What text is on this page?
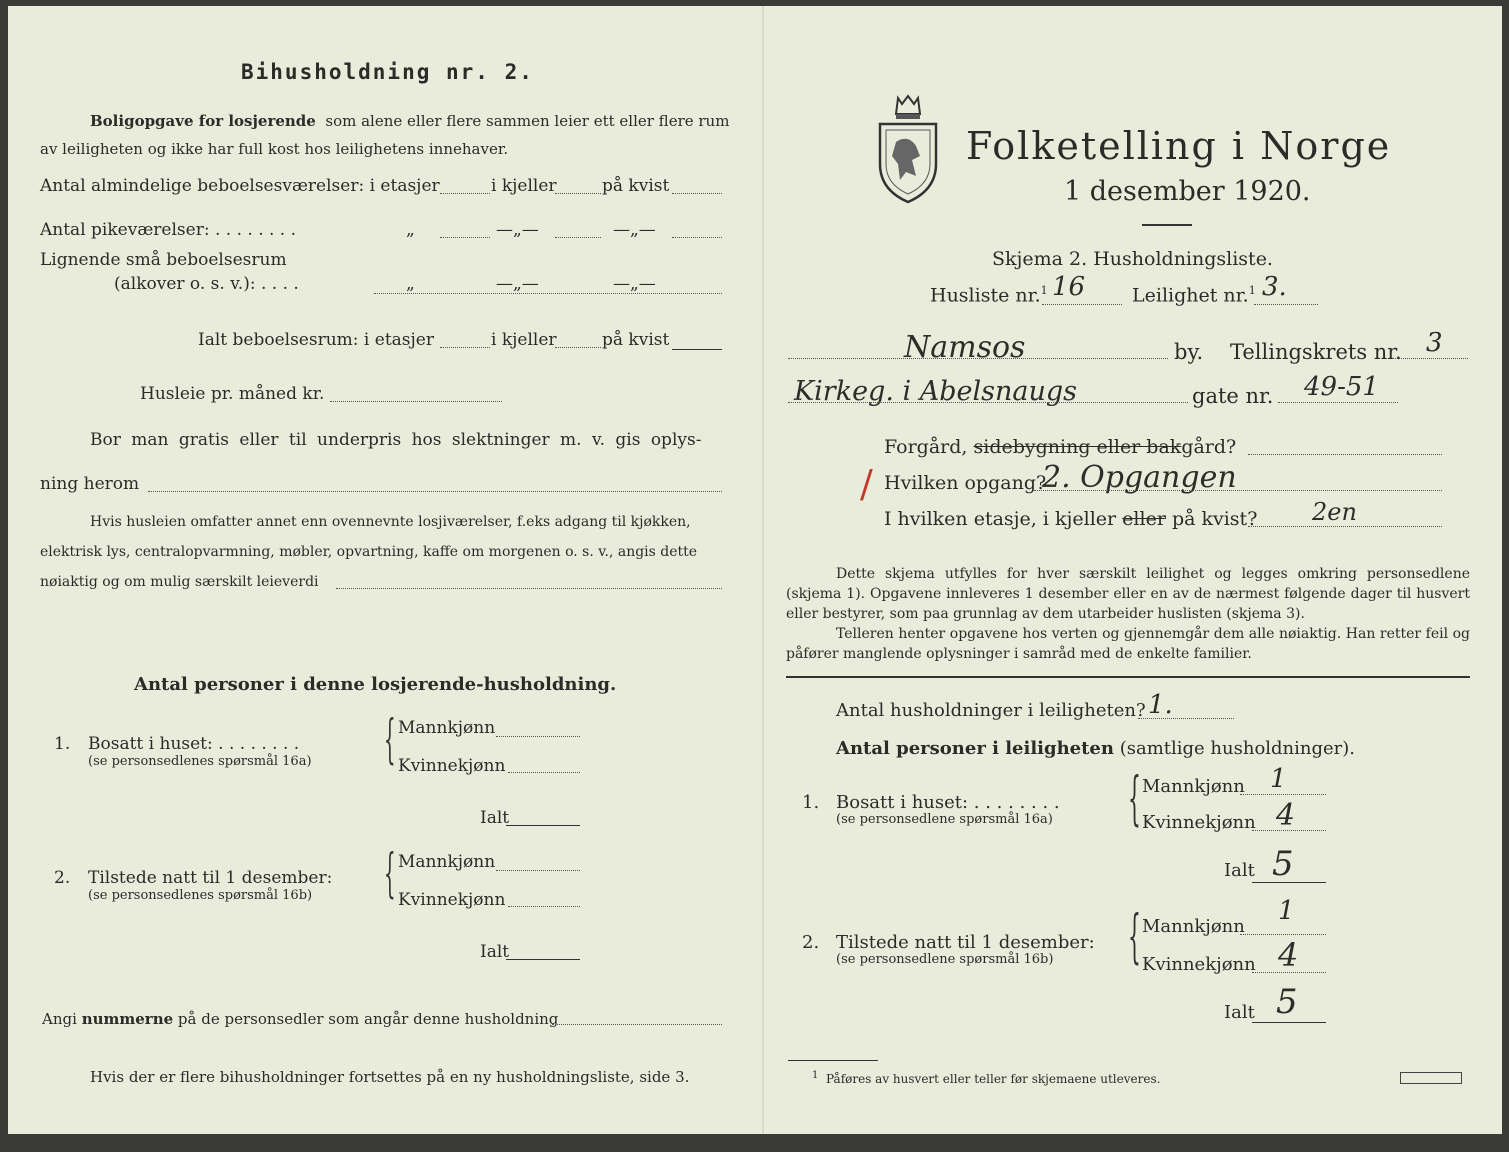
Bihusholdning nr. 2.
Boligopgave for losjerende som alene eller flere sammen leier ett eller flere rum
av leiligheten og ikke har full kost hos leilighetens innehaver.
Antal almindelige beboelsesværelser: i etasjer	i kjeller	på kvist
Antal pikeværelser: . . . . . . . .	„	—„—	—„—
Lignende små beboelsesrum
(alkover o. s. v.): . . . .	„	—„—	—„—
Ialt beboelsesrum: i etasjer	i kjeller	på kvist
Husleie pr. måned kr.
Bor man gratis eller til underpris hos slektninger m. v. gis oplys-
ning herom
Hvis husleien omfatter annet enn ovennevnte losjiværelser, f.eks adgang til kjøkken,
elektrisk lys, centralopvarmning, møbler, opvartning, kaffe om morgenen o. s. v., angis dette
nøiaktig og om mulig særskilt leieverdi
Antal personer i denne losjerende-husholdning.
1. Bosatt i huset: . . . . . . . .
(se personsedlenes spørsmål 16a) { Mannkjønn
Kvinnekjønn
Ialt
2. Tilstede natt til 1 desember:
(se personsedlenes spørsmål 16b) { Mannkjønn
Kvinnekjønn
Ialt
Angi nummerne på de personsedler som angår denne husholdning
Hvis der er flere bihusholdninger fortsettes på en ny husholdningsliste, side 3.
Folketelling i Norge
1 desember 1920.
Skjema 2. Husholdningsliste.
Husliste nr.$^1$ 16 Leilighet nr.$^1$ 3.
Namsos	by. Tellingskrets nr. 3
Kirkeg. i Abelsnaugs	gate nr. 49-51
Forgård, sidebygning eller bakgård?
/ Hvilken opgang?
2. Opgangen
I hvilken etasje, i kjeller eller på kvist? 2en
Dette skjema utfylles for hver særskilt leilighet og legges omkring personsedlene (skjema 1). Opgavene innleveres 1 desember eller en av de nærmest følgende dager til husvert eller bestyrer, som paa grunnlag av dem utarbeider huslisten (skjema 3).
Telleren henter opgavene hos verten og gjennemgår dem alle nøiaktig. Han retter feil og påfører manglende oplysninger i samråd med de enkelte familier.
Antal husholdninger i leiligheten? 1.
Antal personer i leiligheten (samtlige husholdninger).
1. Bosatt i huset: . . . . . . . .
(se personsedlene spørsmål 16a) { Mannkjønn 1
Kvinnekjønn 4
Ialt 5
2. Tilstede natt til 1 desember:
(se personsedlene spørsmål 16b) { Mannkjønn
1
Kvinnekjønn 4
Ialt 5
$^1$ Påføres av husvert eller teller før skjemaene utleveres.
